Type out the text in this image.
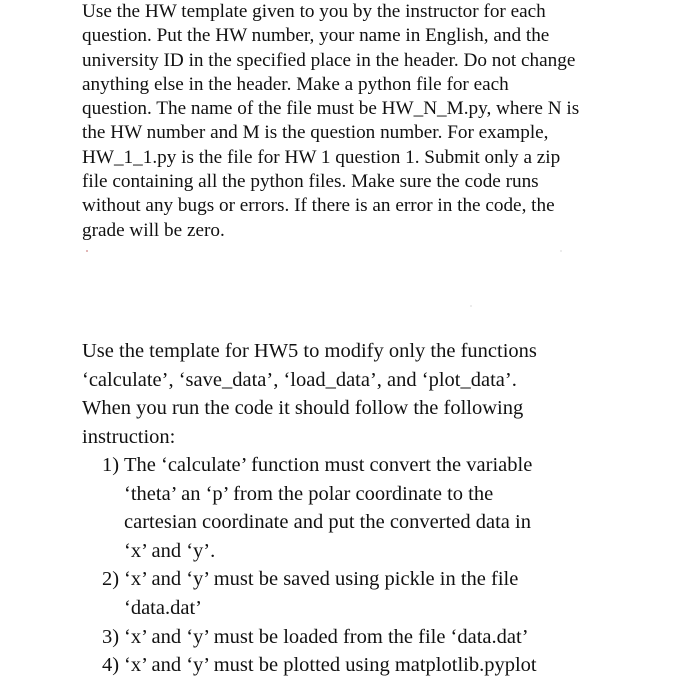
Use the HW template given to you by the instructor for each
question. Put the HW number, your name in English, and the
university ID in the specified place in the header. Do not change
anything else in the header. Make a python file for each
question. The name of the file must be HW_N_M.py, where N is
the HW number and M is the question number. For example,
HW_1_1.py is the file for HW 1 question 1. Submit only a zip
file containing all the python files. Make sure the code runs
without any bugs or errors. If there is an error in the code, the
grade will be zero.
Use the template for HW5 to modify only the functions
‘calculate’, ‘save_data’, ‘load_data’, and ‘plot_data’.
When you run the code it should follow the following
instruction:
1) The ‘calculate’ function must convert the variable
‘theta’ an ‘p’ from the polar coordinate to the
cartesian coordinate and put the converted data in
‘x’ and ‘y’.
2) ‘x’ and ‘y’ must be saved using pickle in the file
‘data.dat’
3) ‘x’ and ‘y’ must be loaded from the file ‘data.dat’
4) ‘x’ and ‘y’ must be plotted using matplotlib.pyplot
